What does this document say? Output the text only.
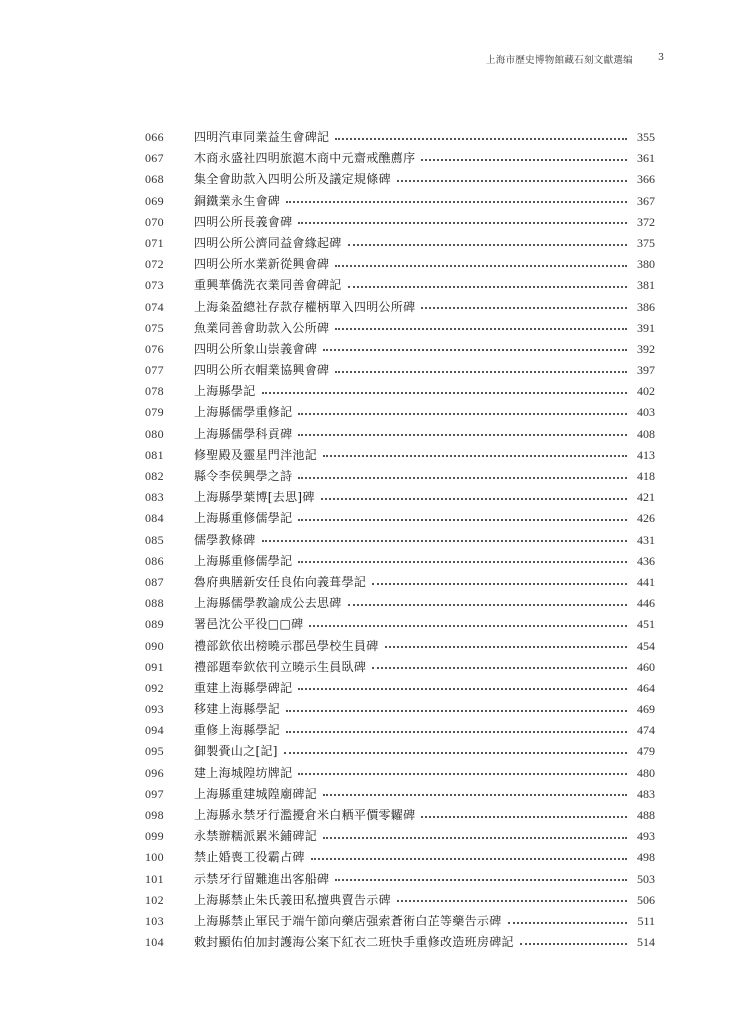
上海市歷史博物館藏石刻文獻選编	3
066	四明汽車同業益生會碑記	355
067	木商永盛社四明旅滬木商中元齋戒醮薦序	361
068	集全會助款入四明公所及議定規條碑	366
069	銅鐵業永生會碑	367
070	四明公所長義會碑	372
071	四明公所公濟同益會緣起碑	375
072	四明公所水業新從興會碑	380
073	重興華僑洗衣業同善會碑記	381
074	上海粂盈總社存款存權柄單入四明公所碑	386
075	魚業同善會助款入公所碑	391
076	四明公所象山崇義會碑	392
077	四明公所衣帽業協興會碑	397
078	上海縣學記	402
079	上海縣儒學重修記	403
080	上海縣儒學科貢碑	408
081	修聖殿及靈星門泮池記	413
082	縣令李侯興學之詩	418
083	上海縣學葉博[去思]碑	421
084	上海縣重修儒學記	426
085	儒學教條碑	431
086	上海縣重修儒學記	436
087	魯府典膳新安任良佑向義葺學記	441
088	上海縣儒學教諭成公去思碑	446
089	署邑沈公平役□□碑	451
090	禮部欽依出榜曉示郡邑學校生員碑	454
091	禮部題奉欽依刊立曉示生員臥碑	460
092	重建上海縣學碑記	464
093	移建上海縣學記	469
094	重修上海縣學記	474
095	御製賫山之[記]	479
096	建上海城隍坊牌記	480
097	上海縣重建城隍廟碑記	483
098	上海縣永禁牙行濫擾倉米白粞平價零糶碑	488
099	永禁辦糯派累米鋪碑記	493
100	禁止婚喪工役霸占碑	498
101	示禁牙行留難進出客船碑	503
102	上海縣禁止朱氏義田私擅典賣告示碑	506
103	上海縣禁止軍民于端午節向藥店强索蒼術白芷等藥告示碑	511
104	敕封顯佑伯加封護海公案下紅衣二班快手重修改造班房碑記	514
